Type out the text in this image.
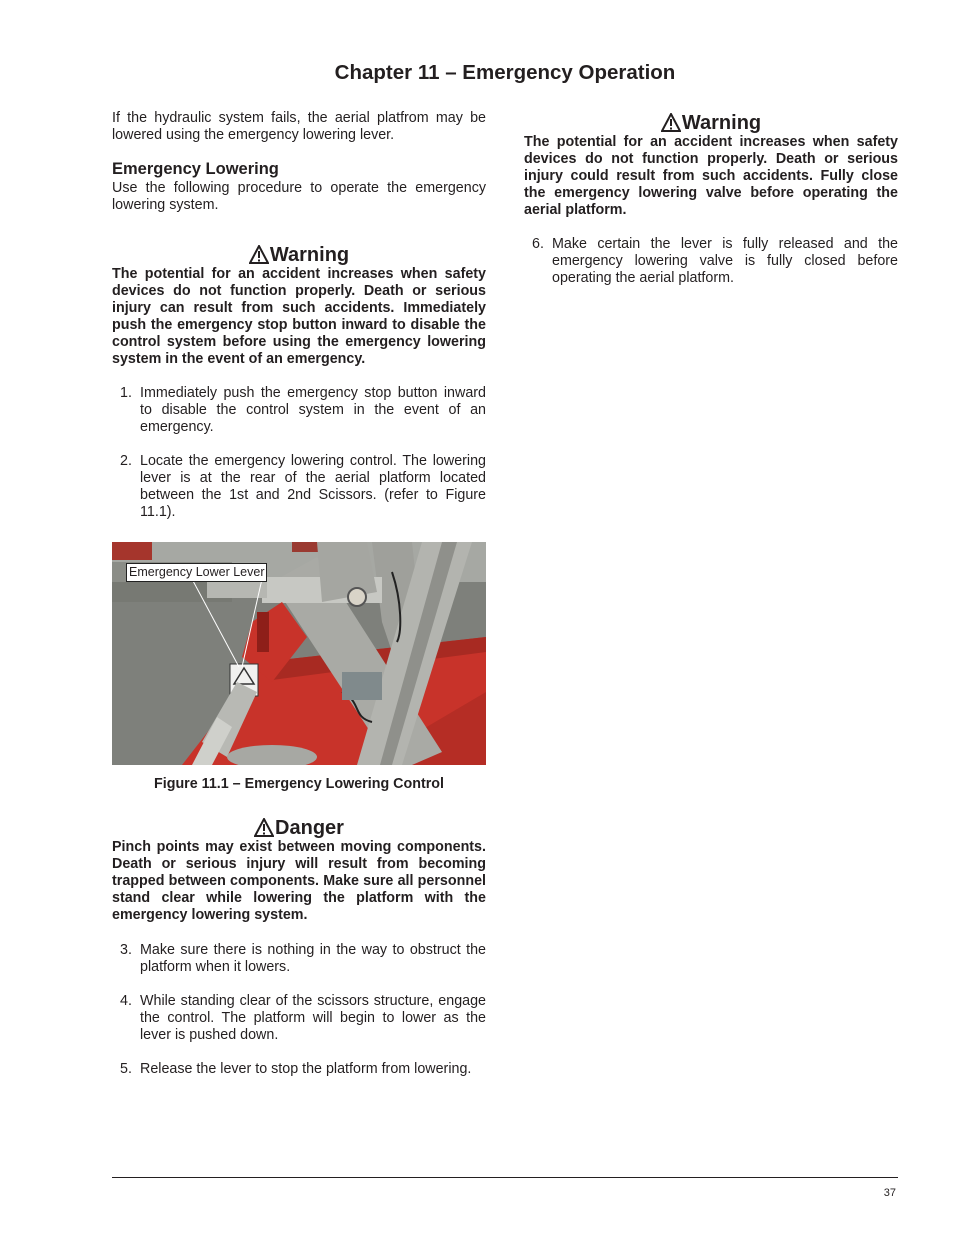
Chapter 11 – Emergency Operation

If the hydraulic system fails, the aerial platfrom may be lowered using the emergency lowering lever.

Emergency Lowering

Use the following procedure to operate the emergency lowering system.

Warning

The potential for an accident increases when safety devices do not function properly. Death or serious injury can result from such accidents. Immediately push the emergency stop button inward to disable the control system before using the emergency lowering system in the event of an emergency.

1. Immediately push the emergency stop button inward to disable the control system in the event of an emergency.
2. Locate the emergency lowering control. The lowering lever is at the rear of the aerial platform located between the 1st and 2nd Scissors. (refer to Figure 11.1).
Emergency Lower Lever
Figure 11.1 – Emergency Lowering Control
Danger

Pinch points may exist between moving components. Death or serious injury will result from becoming trapped between components. Make sure all personnel stand clear while lowering the platform with the emergency lowering system.

3. Make sure there is nothing in the way to obstruct the platform when it lowers.
4. While standing clear of the scissors structure, engage the control. The platform will begin to lower as the lever is pushed down.
5. Release the lever to stop the platform from lowering.
Warning

The potential for an accident increases when safety devices do not function properly. Death or serious injury could result from such accidents. Fully close the emergency lowering valve before operating the aerial platform.

6. Make certain the lever is fully released and the emergency lowering valve is fully closed before operating the aerial platform.
37
